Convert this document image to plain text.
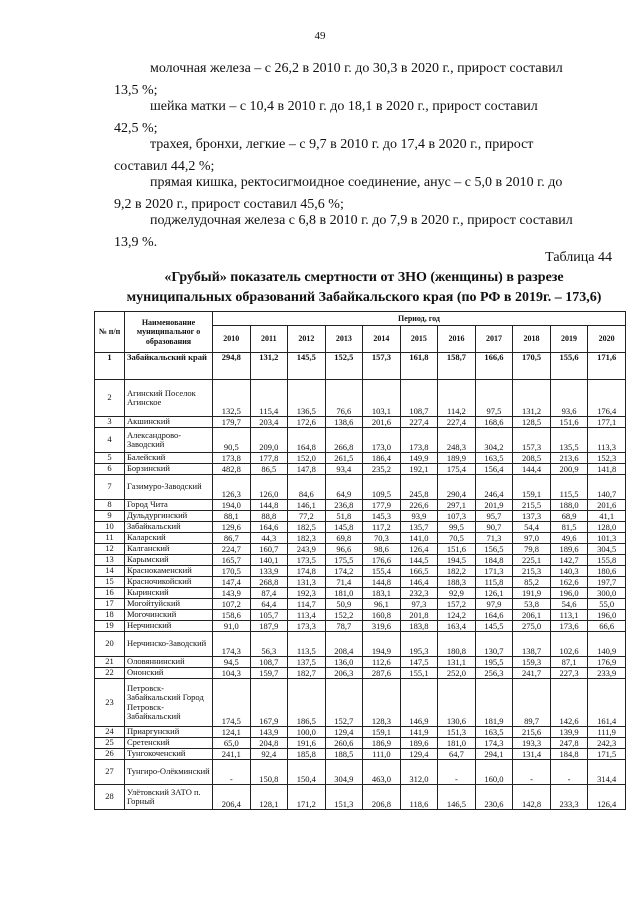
49
молочная железа – с 26,2 в 2010 г. до 30,3 в 2020 г., прирост составил
13,5 %;
шейка матки – с 10,4 в 2010 г. до 18,1 в 2020 г., прирост составил
42,5 %;
трахея, бронхи, легкие – с 9,7 в 2010 г. до 17,4 в 2020 г., прирост
составил 44,2 %;
прямая кишка, ректосигмоидное соединение, анус – с 5,0 в 2010 г. до
9,2 в 2020 г., прирост составил 45,6 %;
поджелудочная железа с 6,8 в 2010 г. до 7,9 в 2020 г., прирост составил
13,9 %.
Таблица 44
«Грубый» показатель смертности от ЗНО (женщины) в разрезе муниципальных образований Забайкальского края (по РФ в 2019г. – 173,6)
№ п/п	Наименование муниципальног о образования	Период, год										
		2010	2011	2012	2013	2014	2015	2016	2017	2018	2019	2020
1	Забайкальский край	294,8	131,2	145,5	152,5	157,3	161,8	158,7	166,6	170,5	155,6	171,6
2	Агинский Поселок Агинское	132,5	115,4	136,5	76,6	103,1	108,7	114,2	97,5	131,2	93,6	176,4
3	Акшинский	179,7	203,4	172,6	138,6	201,6	227,4	227,4	168,6	128,5	151,6	177,1
4	Александрово-Заводский	90,5	209,0	164,8	266,8	173,0	173,8	248,3	304,2	157,3	135,5	113,3
5	Балейский	173,8	177,8	152,0	261,5	186,4	149,9	189,9	163,5	208,5	213,6	152,3
6	Борзинский	482,8	86,5	147,8	93,4	235,2	192,1	175,4	156,4	144,4	200,9	141,8
7	Газимуро-Заводский	126,3	126,0	84,6	64,9	109,5	245,8	290,4	246,4	159,1	115,5	140,7
8	Город Чита	194,0	144,8	146,1	236,8	177,9	226,6	297,1	201,9	215,5	188,0	201,6
9	Дульдургинский	88,1	88,8	77,2	51,8	145,3	93,9	107,3	95,7	137,3	68,9	41,1
10	Забайкальский	129,6	164,6	182,5	145,8	117,2	135,7	99,5	90,7	54,4	81,5	128,0
11	Каларский	86,7	44,3	182,3	69,8	70,3	141,0	70,5	71,3	97,0	49,6	101,3
12	Калганский	224,7	160,7	243,9	96,6	98,6	126,4	151,6	156,5	79,8	189,6	304,5
13	Карымский	165,7	140,1	173,5	175,5	176,6	144,5	194,5	184,8	225,1	142,7	155,8
14	Краснокаменский	170,5	133,9	174,8	174,2	155,4	166,5	182,2	171,3	215,3	140,3	180,6
15	Красночикойский	147,4	268,8	131,3	71,4	144,8	146,4	188,3	115,8	85,2	162,6	197,7
16	Кыринский	143,9	87,4	192,3	181,0	183,1	232,3	92,9	126,1	191,9	196,0	300,0
17	Могойтуйский	107,2	64,4	114,7	50,9	96,1	97,3	157,2	97,9	53,8	54,6	55,0
18	Могочинский	158,6	105,7	113,4	152,2	160,8	201,8	124,2	164,6	206,1	113,1	196,0
19	Нерчинский	91,0	187,9	173,3	78,7	319,6	183,8	163,4	145,5	275,0	173,6	66,6
20	Нерчинско-Заводский	174,3	56,3	113,5	208,4	194,9	195,3	180,8	130,7	138,7	102,6	140,9
21	Оловяннинский	94,5	108,7	137,5	136,0	112,6	147,5	131,1	195,5	159,3	87,1	176,9
22	Ононский	104,3	159,7	182,7	206,3	287,6	155,1	252,0	256,3	241,7	227,3	233,9
23	Петровск-Забайкальский Город Петровск-Забайкальский	174,5	167,9	186,5	152,7	128,3	146,9	130,6	181,9	89,7	142,6	161,4
24	Приаргунский	124,1	143,9	100,0	129,4	159,1	141,9	151,3	163,5	215,6	139,9	111,9
25	Сретенский	65,0	204,8	191,6	260,6	186,9	189,6	181,0	174,3	193,3	247,8	242,3
26	Тунгокоченский	241,1	92,4	185,8	188,5	111,0	129,4	64,7	294,1	131,4	184,8	171,5
27	Тунгиро-Олёкминский	-	150,8	150,4	304,9	463,0	312,0	-	160,0	-	-	314,4
28	Улётовский ЗАТО п. Горный	206,4	128,1	171,2	151,3	206,8	118,6	146,5	230,6	142,8	233,3	126,4
